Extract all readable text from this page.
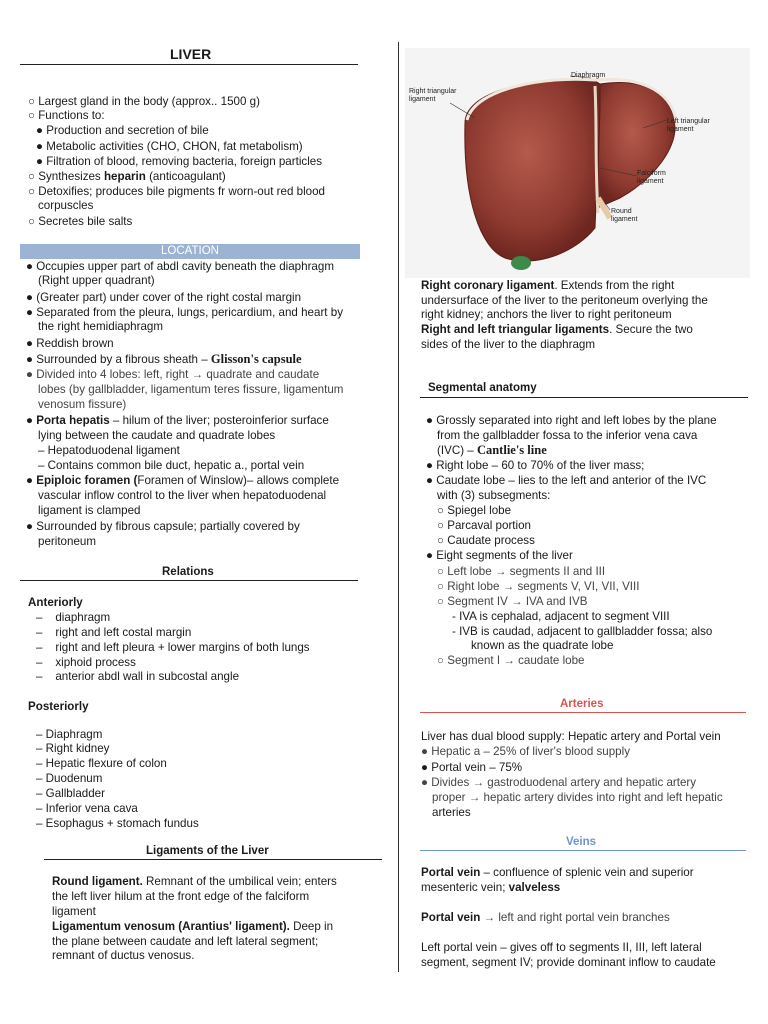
LIVER
○ Largest gland in the body (approx.. 1500 g)
○ Functions to:
● Production and secretion of bile
● Metabolic activities (CHO, CHON, fat metabolism)
● Filtration of blood, removing bacteria, foreign particles
○ Synthesizes heparin (anticoagulant)
○ Detoxifies; produces bile pigments fr worn-out red blood
corpuscles
○ Secretes bile salts
LOCATION
● Occupies upper part of abdl cavity beneath the diaphragm
(Right upper quadrant)
● (Greater part) under cover of the right costal margin
● Separated from the pleura, lungs, pericardium, and heart by
the right hemidiaphragm
● Reddish brown
● Surrounded by a fibrous sheath – Glisson's capsule
● Divided into 4 lobes: left, right → quadrate and caudate
lobes (by gallbladder, ligamentum teres fissure, ligamentum
venosum fissure)
● Porta hepatis – hilum of the liver; posteroinferior surface
lying between the caudate and quadrate lobes
– Hepatoduodenal ligament
– Contains common bile duct, hepatic a., portal vein
● Epiploic foramen (Foramen of Winslow)– allows complete
vascular inflow control to the liver when hepatoduodenal
ligament is clamped
● Surrounded by fibrous capsule; partially covered by
peritoneum
Relations
Anteriorly
–    diaphragm
–    right and left costal margin
–    right and left pleura + lower margins of both lungs
–    xiphoid process
–    anterior abdl wall in subcostal angle
Posteriorly
– Diaphragm
– Right kidney
– Hepatic flexure of colon
– Duodenum
– Gallbladder
– Inferior vena cava
– Esophagus + stomach fundus
Ligaments of the Liver
Round ligament. Remnant of the umbilical vein; enters
the left liver hilum at the front edge of the falciform
ligament
Ligamentum venosum (Arantius' ligament). Deep in
the plane between caudate and left lateral segment;
remnant of ductus venosus.
Diaphragm
Right triangular
ligament
Left triangular
ligament
Falciform
ligament
Round
ligament
Right coronary ligament. Extends from the right
undersurface of the liver to the peritoneum overlying the
right kidney; anchors the liver to right peritoneum
Right and left triangular ligaments. Secure the two
sides of the liver to the diaphragm
Segmental anatomy
● Grossly separated into right and left lobes by the plane
from the gallbladder fossa to the inferior vena cava
(IVC) – Cantlie's line
● Right lobe – 60 to 70% of the liver mass;
● Caudate lobe – lies to the left and anterior of the IVC
with (3) subsegments:
○ Spiegel lobe
○ Parcaval portion
○ Caudate process
● Eight segments of the liver
○ Left lobe → segments II and III
○ Right lobe → segments V, VI, VII, VIII
○ Segment IV → IVA and IVB
- IVA is cephalad, adjacent to segment VIII
- IVB is caudad, adjacent to gallbladder fossa; also
known as the quadrate lobe
○ Segment I → caudate lobe
Arteries
Liver has dual blood supply: Hepatic artery and Portal vein
● Hepatic a – 25% of liver's blood supply
● Portal vein – 75%
● Divides → gastroduodenal artery and hepatic artery
proper → hepatic artery divides into right and left hepatic
arteries
Veins
Portal vein – confluence of splenic vein and superior
mesenteric vein; valveless
Portal vein → left and right portal vein branches
Left portal vein – gives off to segments II, III, left lateral
segment, segment IV; provide dominant inflow to caudate
